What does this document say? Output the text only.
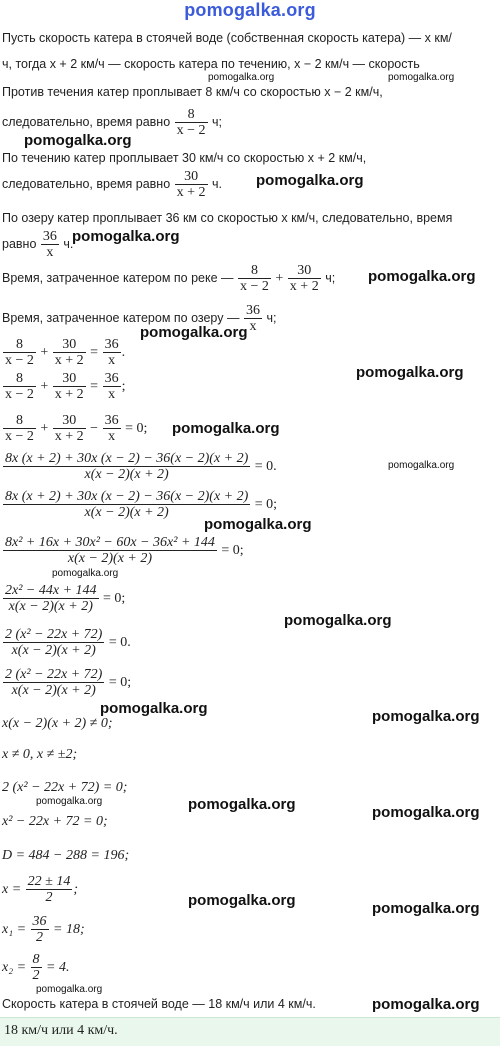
pomogalka.org
Пусть скорость катера в стоячей воде (собственная скорость катера) — x км/
ч, тогда x + 2 км/ч — скорость катера по течению, x − 2 км/ч — скорость
Против течения катер проплывает 8 км/ч со скоростью x − 2 км/ч,
следовательно, время равно $\frac{8}{x - 2} ч$;
По течению катер проплывает 30 км/ч со скоростью x + 2 км/ч,
следовательно, время равно $\frac{30}{x + 2} ч$.
По озеру катер проплывает 36 км со скоростью x км/ч, следовательно, время
равно $\frac{36}{x} ч$.
Время, затраченное катером по реке — $\frac{8}{x - 2} + \frac{30}{x + 2} ч$;
Время, затраченное катером по озеру — $\frac{36}{x} ч$;
$\frac{8}{x - 2} + \frac{30}{x + 2} = \frac{36}{x}$ .
$\frac{8}{x - 2} + \frac{30}{x + 2} = \frac{36}{x}$ ;
$\frac{8}{x - 2} + \frac{30}{x + 2} - \frac{36}{x} = 0$;
$\frac{8x (x + 2) + 30x (x - 2) - 36(x - 2)(x + 2)}{x(x - 2)(x + 2)} = 0$.
$\frac{8x (x + 2) + 30x (x - 2) - 36(x - 2)(x + 2)}{x(x - 2)(x + 2)} = 0$;
$\frac{\text{8x² + 16x + 30x² − 60x − 36x² + 144}}{x(x - 2)(x + 2)} = 0$;
$\frac{\text{2x² − 44x + 144}}{x(x - 2)(x + 2)} = 0$;
$\frac{\text{2 (x² − 22x + 72)}}{x(x - 2)(x + 2)} = 0$.
$\frac{\text{2 (x² − 22x + 72)}}{x(x - 2)(x + 2)} = 0$;
x(x − 2)(x + 2) ≠ 0;
x ≠ 0, x ≠ ±2;
2 (x² − 22x + 72) = 0;
x² − 22x + 72 = 0;
D = 484 − 288 = 196;
$x = \frac{22 \pm 14}{2}$ ;
$x_1 = \frac{36}{2} = 18$;
$x_2 = \frac{8}{2} = 4$.
Скорость катера в стоячей воде — 18 км/ч или 4 км/ч.
18 км/ч или 4 км/ч.
pomogalka.org	pomogalka.org
pomogalka.org
pomogalka.org
pomogalka.org
pomogalka.org
pomogalka.org
pomogalka.org
pomogalka.org
pomogalka.org
pomogalka.org
pomogalka.org
pomogalka.org
pomogalka.org	pomogalka.org
pomogalka.org	pomogalka.org	pomogalka.org
pomogalka.org	pomogalka.org
pomogalka.org
pomogalka.org
